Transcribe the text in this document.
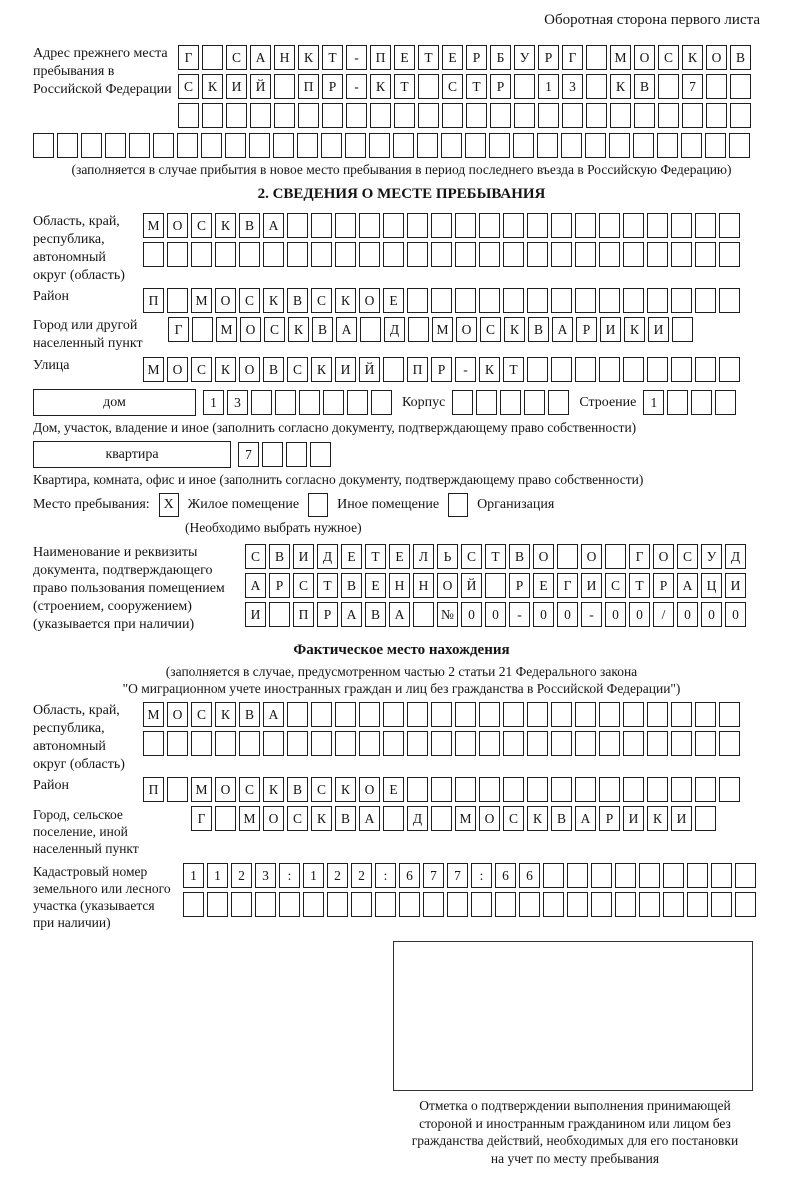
Оборотная сторона первого листа
Адрес прежнего места пребывания в Российской Федерации
Г	С	А	Н	К	Т	-	П	Е	Т	Е	Р	Б	У	Р	Г	М О	С	К	О	В
С	К	И	Й	П	Р	-	К	Т	С	Т	Р	1	3	К	В	7
(заполняется в случае прибытия в новое место пребывания в период последнего въезда в Российскую Федерацию)
2. СВЕДЕНИЯ О МЕСТЕ ПРЕБЫВАНИЯ
Область, край, республика, автономный округ (область)
М О	С	К	В	А
Район	П	М О	С	К	В	С	К	О	Е
Город или другой населенный пункт
Г	М О	С	К	В	А	Д	М О	С	К	В	А	Р	И	К	И
Улица	М О	С	К	О	В	С	К	И	Й	П	Р	-	К	Т
дом	1	3	Корпус	Строение	1
Дом, участок, владение и иное (заполнить согласно документу, подтверждающему право собственности)
квартира	7
Квартира, комната, офис и иное (заполнить согласно документу, подтверждающему право собственности)
Место пребывания: X Жилое помещение	Иное помещение	Организация
(Необходимо выбрать нужное)
Наименование и реквизиты документа, подтверждающего право пользования помещением (строением, сооружением) (указывается при наличии)
С	В	И	Д	Е	Т	Е	Л	Ь	С	Т	В	О	О	Г	О	С	У	Д
А	Р	С	Т	В	Е	Н	Н	О	Й	Р	Е	Г	И	С	Т	Р	А	Ц	И
И	П	Р	А	В	А	№	0	0	-	0	0	-	0	0	/	0	0	0
Фактическое место нахождения
(заполняется в случае, предусмотренном частью 2 статьи 21 Федерального закона
"О миграционном учете иностранных граждан и лиц без гражданства в Российской Федерации")
Область, край, республика, автономный округ (область)
М О	С	К	В	А
Район	П	М О	С	К	В	С	К	О	Е
Город, сельское поселение, иной населенный пункт
Г	М О	С	К	В	А	Д	М О	С	К	В	А	Р	И	К	И
Кадастровый номер земельного или лесного участка (указывается при наличии)
1	1	2	3	:	1	2	2	:	6	7	7	:	6	6
Отметка о подтверждении выполнения принимающей
стороной и иностранным гражданином или лицом без
гражданства действий, необходимых для его постановки
на учет по месту пребывания
